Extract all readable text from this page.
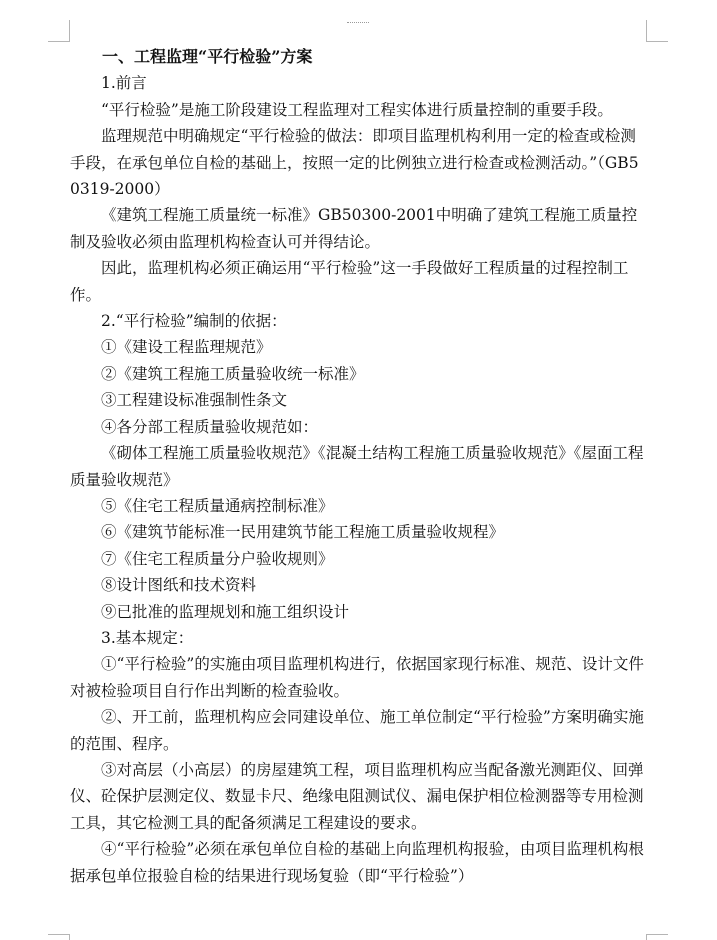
一、工程监理“平行检验”方案

1.前言

“平行检验”是施工阶段建设工程监理对工程实体进行质量控制的重要手段。

监理规范中明确规定“平行检验的做法：即项目监理机构利用一定的检查或检测手段，在承包单位自检的基础上，按照一定的比例独立进行检查或检测活动。”（GB50319-2000）

《建筑工程施工质量统一标准》GB50300-2001中明确了建筑工程施工质量控制及验收必须由监理机构检查认可并得结论。

因此，监理机构必须正确运用“平行检验”这一手段做好工程质量的过程控制工作。

2.“平行检验”编制的依据：

①《建设工程监理规范》

②《建筑工程施工质量验收统一标准》

③工程建设标准强制性条文

④各分部工程质量验收规范如：

《砌体工程施工质量验收规范》《混凝土结构工程施工质量验收规范》《屋面工程质量验收规范》

⑤《住宅工程质量通病控制标准》

⑥《建筑节能标准一民用建筑节能工程施工质量验收规程》

⑦《住宅工程质量分户验收规则》

⑧设计图纸和技术资料

⑨已批准的监理规划和施工组织设计

3.基本规定：

①“平行检验”的实施由项目监理机构进行，依据国家现行标准、规范、设计文件对被检验项目自行作出判断的检查验收。

②、开工前，监理机构应会同建设单位、施工单位制定“平行检验”方案明确实施的范围、程序。

③对高层（小高层）的房屋建筑工程，项目监理机构应当配备激光测距仪、回弹仪、砼保护层测定仪、数显卡尺、绝缘电阻测试仪、漏电保护相位检测器等专用检测工具，其它检测工具的配备须满足工程建设的要求。

④“平行检验”必须在承包单位自检的基础上向监理机构报验，由项目监理机构根据承包单位报验自检的结果进行现场复验（即“平行检验”）
